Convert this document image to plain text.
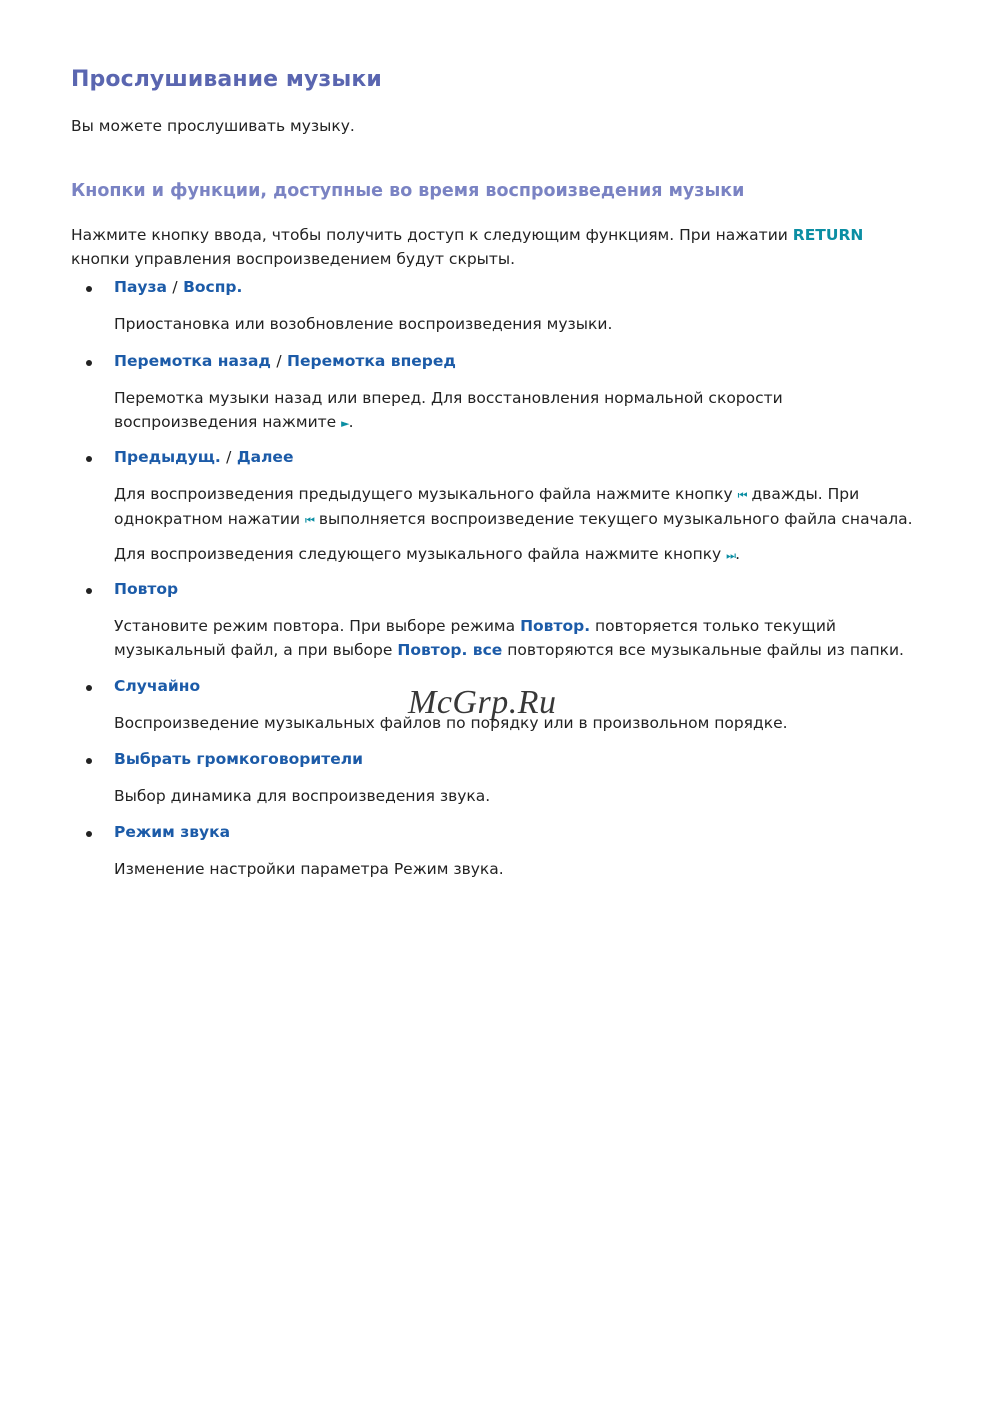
Прослушивание музыки

Вы можете прослушивать музыку.

Кнопки и функции, доступные во время воспроизведения музыки

Нажмите кнопку ввода, чтобы получить доступ к следующим функциям. При нажатии RETURN кнопки управления воспроизведением будут скрыты.

Пауза / Воспр.

Приостановка или возобновление воспроизведения музыки.

Перемотка назад / Перемотка вперед

Перемотка музыки назад или вперед. Для восстановления нормальной скорости воспроизведения нажмите ►.

Предыдущ. / Далее

Для воспроизведения предыдущего музыкального файла нажмите кнопку ⏮ дважды. При однократном нажатии ⏮ выполняется воспроизведение текущего музыкального файла сначала.

Для воспроизведения следующего музыкального файла нажмите кнопку ⏭.

Повтор

Установите режим повтора. При выборе режима Повтор. повторяется только текущий музыкальный файл, а при выборе Повтор. все повторяются все музыкальные файлы из папки.

Случайно

Воспроизведение музыкальных файлов по порядку или в произвольном порядке.

Выбрать громкоговорители

Выбор динамика для воспроизведения звука.

Режим звука

Изменение настройки параметра Режим звука.

McGrp.Ru
